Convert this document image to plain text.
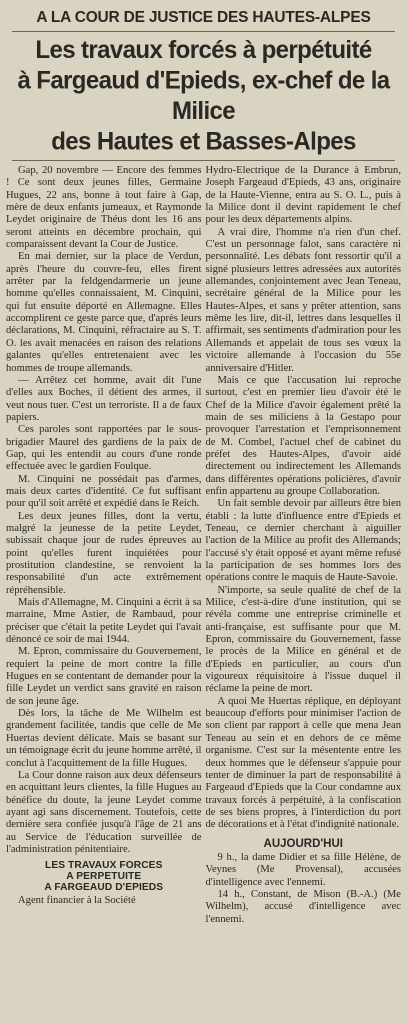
A LA COUR DE JUSTICE DES HAUTES-ALPES
Les travaux forcés à perpétuité
à Fargeaud d'Epieds, ex-chef de la Milice
des Hautes et Basses-Alpes

Gap, 20 novembre — Encore des femmes ! Ce sont deux jeunes filles, Germaine Hugues, 22 ans, bonne à tout faire à Gap, mère de deux enfants jumeaux, et Raymonde Leydet originaire de Théus dont les 16 ans seront atteints en décembre prochain, qui comparaissent devant la Cour de Justice.

En mai dernier, sur la place de Verdun, après l'heure du couvre-feu, elles firent arrêter par la feldgendarmerie un jeune homme qu'elles connaissaient, M. Cinquini, qui fut ensuite déporté en Allemagne. Elles accomplirent ce geste parce que, d'après leurs déclarations, M. Cinquini, réfractaire au S. T. O. les avait menacées en raison des relations galantes qu'elles entretenaient avec les hommes de troupe allemands.

— Arrêtez cet homme, avait dit l'une d'elles aux Boches, il détient des armes, il veut nous tuer. C'est un terroriste. Il a de faux papiers.

Ces paroles sont rapportées par le sous-brigadier Maurel des gardiens de la paix de Gap, qui les entendit au cours d'une ronde effectuée avec le gardien Foulque.

M. Cinquini ne possédait pas d'armes, mais deux cartes d'identité. Ce fut suffisant pour qu'il soit arrêté et expédié dans le Reich.

Les deux jeunes filles, dont la vertu, malgré la jeunesse de la petite Leydet, subissait chaque jour de rudes épreuves au point qu'elles furent inquiétées pour prostitution clandestine, se renvoient la responsabilité d'un acte extrêmement répréhensible.

Mais d'Allemagne, M. Cinquini a écrit à sa marraine, Mme Astier, de Rambaud, pour préciser que c'était la petite Leydet qui l'avait dénoncé ce soir de mai 1944.

M. Epron, commissaire du Gouvernement, requiert la peine de mort contre la fille Hugues en se contentant de demander pour la fille Leydet un verdict sans gravité en raison de son jeune âge.

Dès lors, la tâche de Me Wilhelm est grandement facilitée, tandis que celle de Me Huertas devient délicate. Mais se basant sur un témoignage écrit du jeune homme arrêté, il conclut à l'acquittement de la fille Hugues.

La Cour donne raison aux deux défenseurs en acquittant leurs clientes, la fille Hugues au bénéfice du doute, la jeune Leydet comme ayant agi sans discernement. Toutefois, cette dernière sera confiée jusqu'à l'âge de 21 ans au Service de l'éducation surveillée de l'administration pénitentiaire.

LES TRAVAUX FORCES
A PERPETUITE
A FARGEAUD D'EPIEDS

Agent financier à la Société

Hydro-Electrique de la Durance à Embrun, Joseph Fargeaud d'Epieds, 43 ans, originaire de la Haute-Vienne, entra au S. O. L., puis à la Milice dont il devint rapidement le chef pour les deux départements alpins.

A vrai dire, l'homme n'a rien d'un chef. C'est un personnage falot, sans caractère ni personnalité. Les débats font ressortir qu'il a signé plusieurs lettres adressées aux autorités allemandes, conjointement avec Jean Teneau, secrétaire général de la Milice pour les Hautes-Alpes, et sans y prêter attention, sans même les lire, dit-il, lettres dans lesquelles il affirmait, ses sentiments d'admiration pour les Allemands et appelait de tous ses vœux la victoire allemande à l'occasion du 55e anniversaire d'Hitler.

Mais ce que l'accusation lui reproche surtout, c'est en premier lieu d'avoir été le Chef de la Milice d'avoir également prêté la main de ses miliciens à la Gestapo pour provoquer l'arrestation et l'emprisonnement de M. Combel, l'actuel chef de cabinet du préfet des Hautes-Alpes, d'avoir aidé directement ou indirectement les Allemands dans différentes opérations policières, d'avoir enfin appartenu au groupe Collaboration.

Un fait semble devoir par ailleurs être bien établi : la lutte d'influence entre d'Epieds et Teneau, ce dernier cherchant à aiguiller l'action de la Milice au profit des Allemands; l'accusé s'y était opposé et ayant même refusé la participation de ses hommes lors des opérations contre le maquis de Haute-Savoie.

N'importe, sa seule qualité de chef de la Milice, c'est-à-dire d'une institution, qui se révéla comme une entreprise criminelle et anti-française, est suffisante pour que M. Epron, commissaire du Gouvernement, fasse le procès de la Milice en général et de d'Epieds en particulier, au cours d'un vigoureux réquisitoire à l'issue duquel il réclame la peine de mort.

A quoi Me Huertas réplique, en déployant beaucoup d'efforts pour minimiser l'action de son client par rapport à celle que mena Jean Teneau au sein et en dehors de ce même organisme. C'est sur la mésentente entre les deux hommes que le défenseur s'appuie pour tenter de diminuer la part de responsabilité à Fargeaud d'Epieds que la Cour condamne aux travaux forcés à perpétuité, à la confiscation de ses biens propres, à l'interdiction du port de décorations et à l'état d'indignité nationale.

AUJOURD'HUI

9 h., la dame Didier et sa fille Hélène, de Veynes (Me Provensal), accusées d'intelligence avec l'ennemi.

14 h., Constant, de Mison (B.-A.) (Me Wilhelm), accusé d'intelligence avec l'ennemi.
